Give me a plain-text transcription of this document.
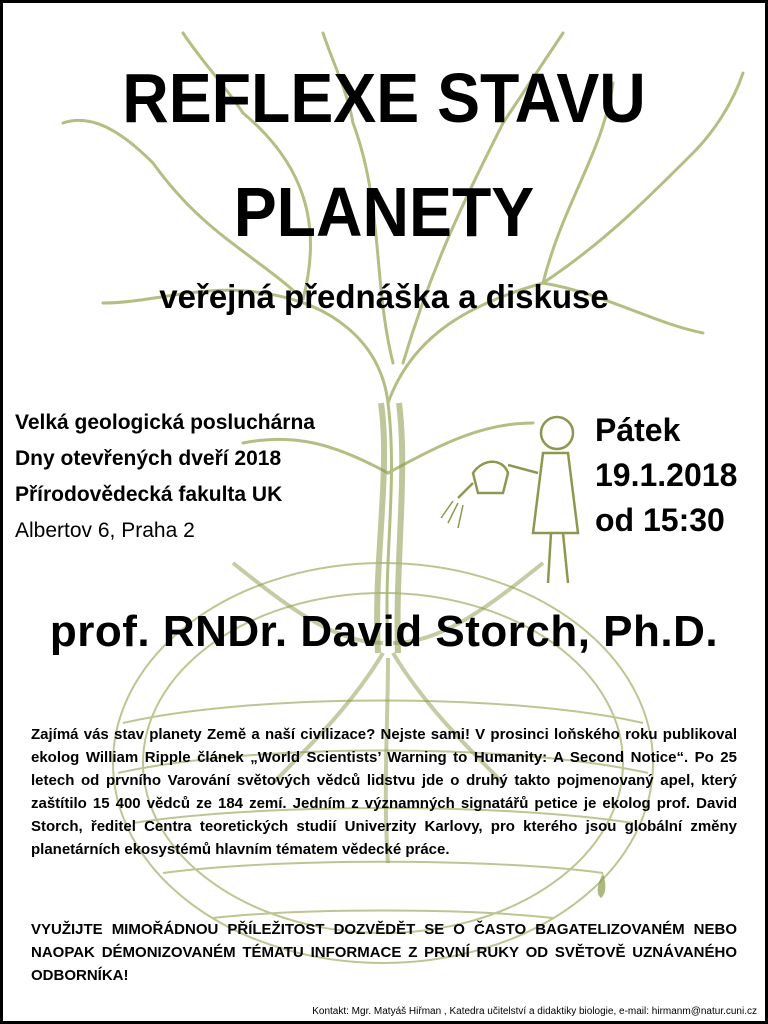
REFLEXE STAVU
PLANETY
veřejná přednáška a diskuse
Velká geologická posluchárna
Dny otevřených dveří 2018
Přírodovědecká fakulta UK
Albertov 6, Praha 2
Pátek
19.1.2018
od 15:30
prof. RNDr. David Storch, Ph.D.
Zajímá vás stav planety Země a naší civilizace? Nejste sami! V prosinci loňského roku publikoval ekolog William Ripple článek „World Scientists’ Warning to Humanity: A Second Notice“. Po 25 letech od prvního Varování světových vědců lidstvu jde o druhý takto pojmenovaný apel, který zaštítilo 15 400 vědců ze 184 zemí. Jedním z významných signatářů petice je ekolog prof. David Storch, ředitel Centra teoretických studií Univerzity Karlovy, pro kterého jsou globální změny planetárních ekosystémů hlavním tématem vědecké práce.
VYUŽIJTE MIMOŘÁDNOU PŘÍLEŽITOST DOZVĚDĚT SE O ČASTO BAGATELIZOVANÉM NEBO NAOPAK DÉMONIZOVANÉM TÉMATU INFORMACE Z PRVNÍ RUKY OD SVĚTOVĚ UZNÁVANÉHO ODBORNÍKA!
Kontakt: Mgr. Matyáš Hiřman , Katedra učitelství a didaktiky biologie, e-mail: hirmanm@natur.cuni.cz
